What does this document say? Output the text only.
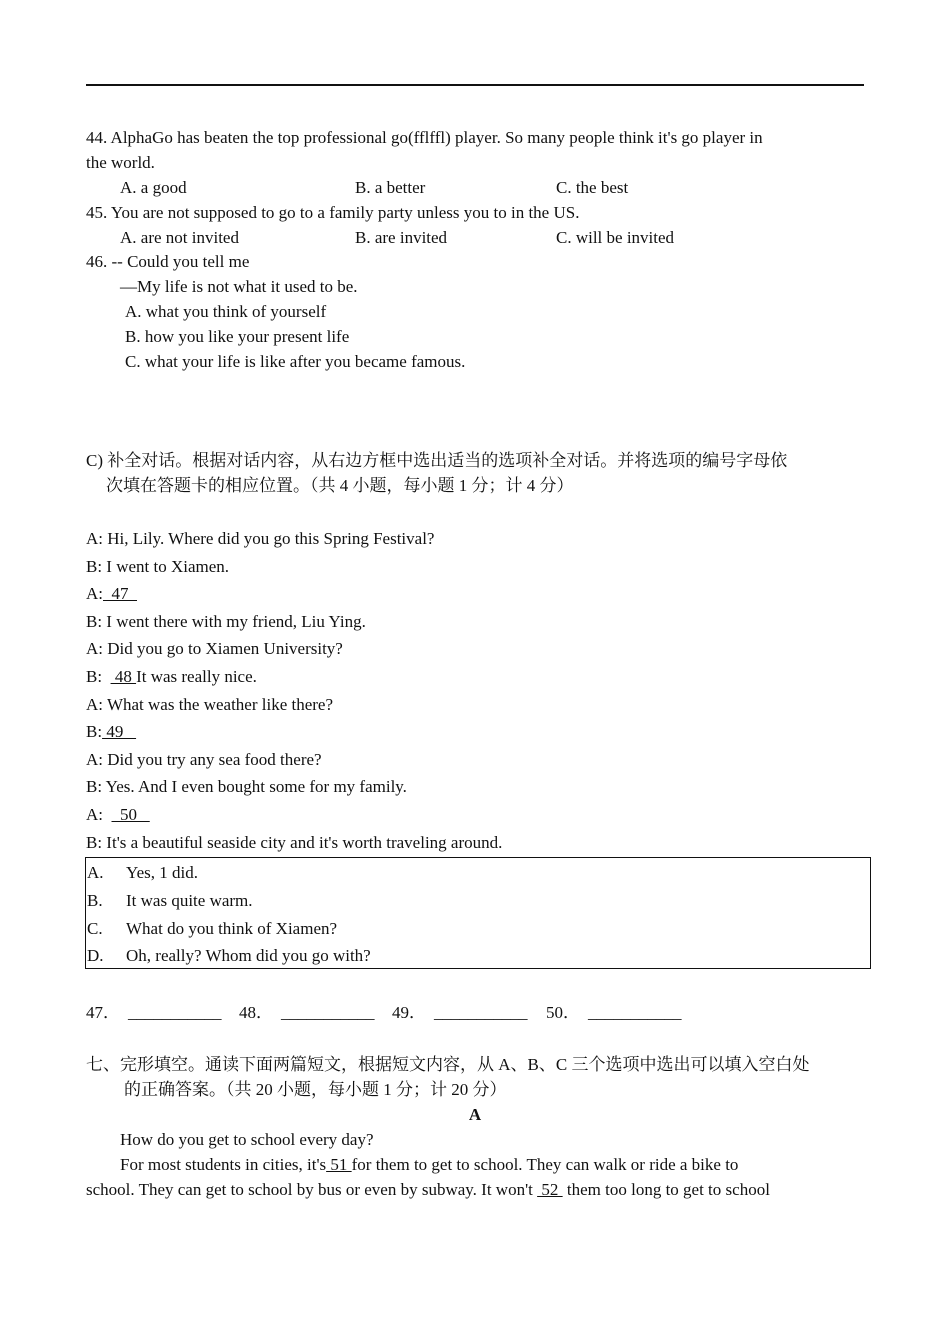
44. AlphaGo has beaten the top professional go(fflffl) player. So many people think it's go player in
the world.
A. a good	B. a better	C. the best
45. You are not supposed to go to a family party unless you to in the US.
A. are not invited	B. are invited	C. will be invited
46. -- Could you tell me
—My life is not what it used to be.
A. what you think of yourself
B. how you like your present life
C. what your life is like after you became famous.
C) 补全对话。根据对话内容，从右边方框中选出适当的选项补全对话。并将选项的编号字母依
次填在答题卡的相应位置。（共 4 小题，每小题 1 分；计 4 分）
A: Hi, Lily. Where did you go this Spring Festival?
B: I went to Xiamen.
A:  47
B: I went there with my friend, Liu Ying.
A: Did you go to Xiamen University?
B:   48 It was really nice.
A: What was the weather like there?
B: 49
A: Did you try any sea food there?
B: Yes. And I even bought some for my family.
A:    50
B: It's a beautiful seaside city and it's worth traveling around.
A. Yes, 1 did.
B. It was quite warm.
C. What do you think of Xiamen?
D. Oh, really? Whom did you go with?
47． ___________ 48． ___________ 49． ___________ 50． ___________
七、完形填空。通读下面两篇短文，根据短文内容，从 A、B、C 三个选项中选出可以填入空白处
的正确答案。（共 20 小题，每小题 1 分；计 20 分）
A
How do you get to school every day?
For most students in cities, it's 51 for them to get to school. They can walk or ride a bike to
school. They can get to school by bus or even by subway. It won't  52  them too long to get to school
